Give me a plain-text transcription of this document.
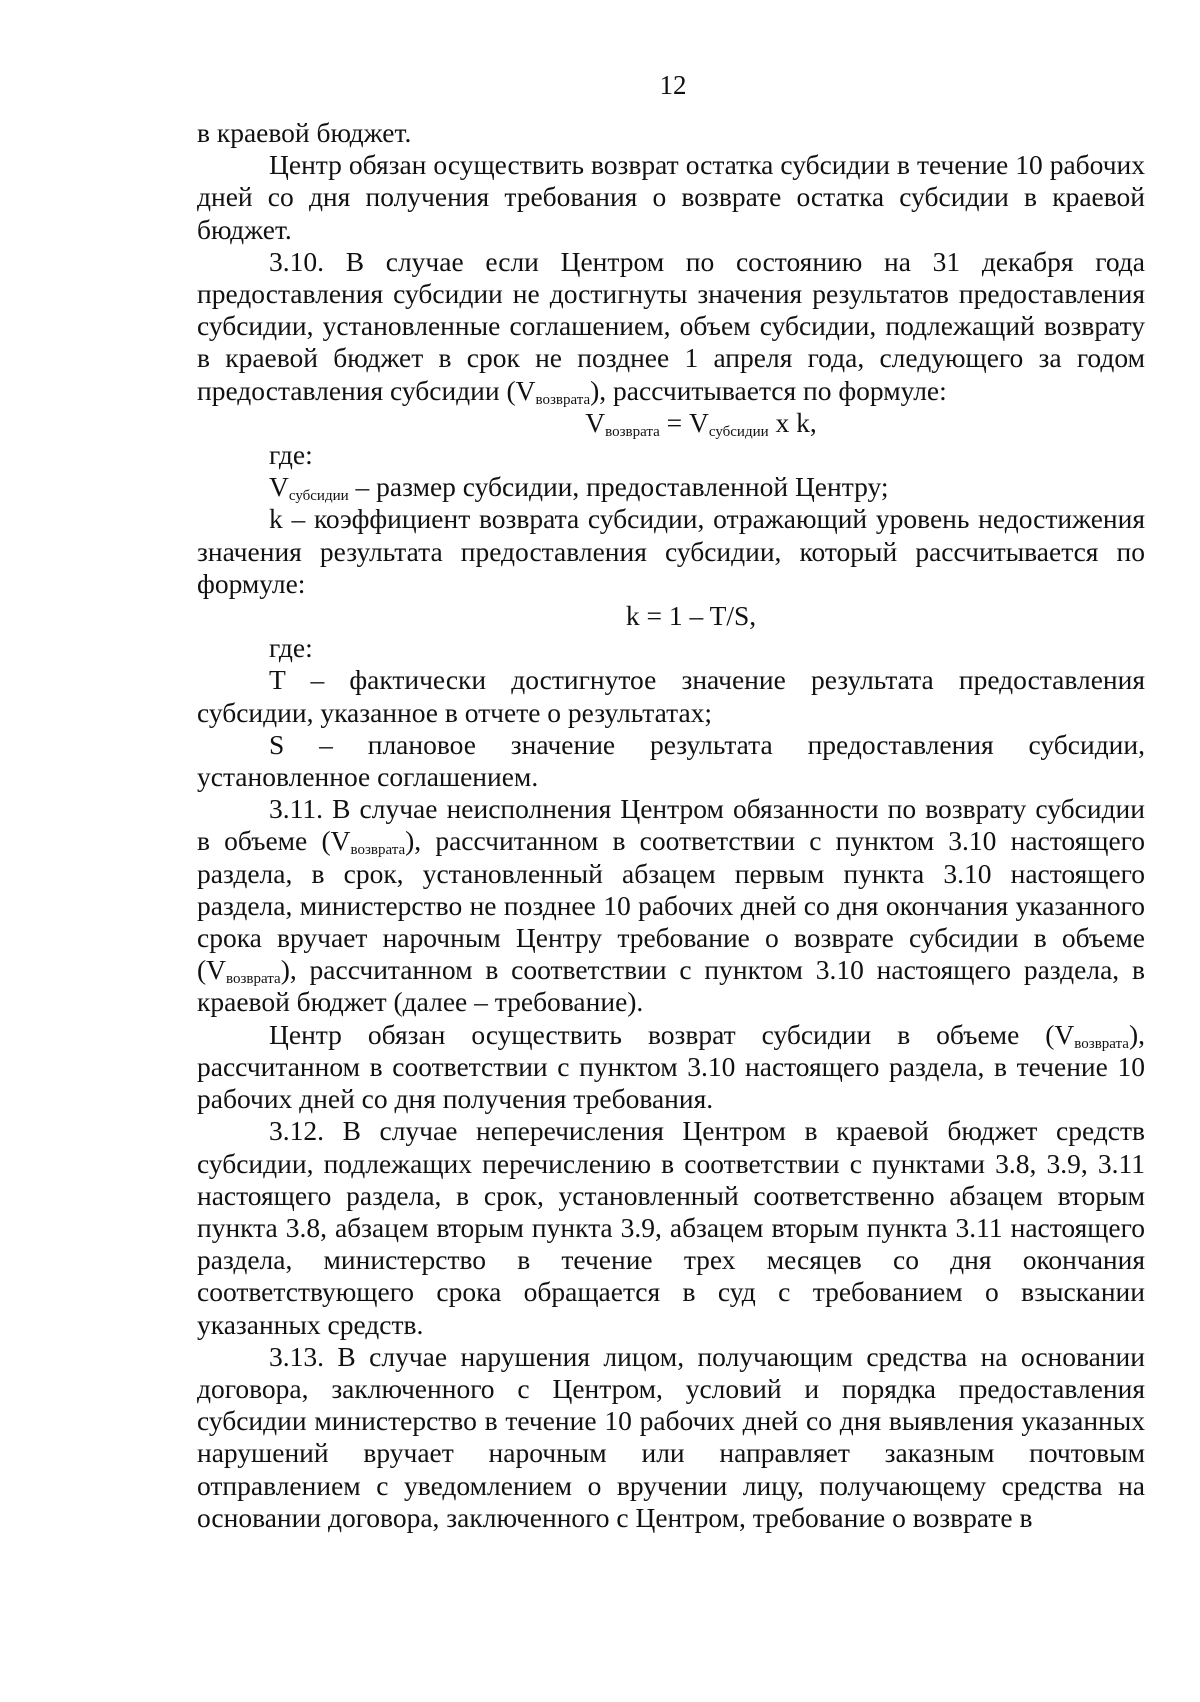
12

в краевой бюджет.

Центр обязан осуществить возврат остатка субсидии в течение 10 рабочих дней со дня получения требования о возврате остатка субсидии в краевой бюджет.

3.10. В случае если Центром по состоянию на 31 декабря года предоставления субсидии не достигнуты значения результатов предоставления субсидии, установленные соглашением, объем субсидии, подлежащий возврату в краевой бюджет в срок не позднее 1 апреля года, следующего за годом предоставления субсидии $(V_{возврата})$, рассчитывается по формуле:

$V_{возврата} = V_{субсидии}$ x k,

где:

$V_{субсидии}$ – размер субсидии, предоставленной Центру;

k – коэффициент возврата субсидии, отражающий уровень недостижения значения результата предоставления субсидии, который рассчитывается по формуле:

k = 1 – T/S,

где:

T – фактически достигнутое значение результата предоставления субсидии, указанное в отчете о результатах;

S – плановое значение результата предоставления субсидии, установленное соглашением.

3.11. В случае неисполнения Центром обязанности по возврату субсидии в объеме $(V_{возврата})$, рассчитанном в соответствии с пунктом 3.10 настоящего раздела, в срок, установленный абзацем первым пункта 3.10 настоящего раздела, министерство не позднее 10 рабочих дней со дня окончания указанного срока вручает нарочным Центру требование о возврате субсидии в объеме $(V_{возврата})$, рассчитанном в соответствии с пунктом 3.10 настоящего раздела, в краевой бюджет (далее – требование).

Центр обязан осуществить возврат субсидии в объеме $(V_{возврата})$, рассчитанном в соответствии с пунктом 3.10 настоящего раздела, в течение 10 рабочих дней со дня получения требования.

3.12. В случае неперечисления Центром в краевой бюджет средств субсидии, подлежащих перечислению в соответствии с пунктами 3.8, 3.9, 3.11 настоящего раздела, в срок, установленный соответственно абзацем вторым пункта 3.8, абзацем вторым пункта 3.9, абзацем вторым пункта 3.11 настоящего раздела, министерство в течение трех месяцев со дня окончания соответствующего срока обращается в суд с требованием о взыскании указанных средств.

3.13. В случае нарушения лицом, получающим средства на основании договора, заключенного с Центром, условий и порядка предоставления субсидии министерство в течение 10 рабочих дней со дня выявления указанных нарушений вручает нарочным или направляет заказным почтовым отправлением с уведомлением о вручении лицу, получающему средства на основании договора, заключенного с Центром, требование о возврате в
